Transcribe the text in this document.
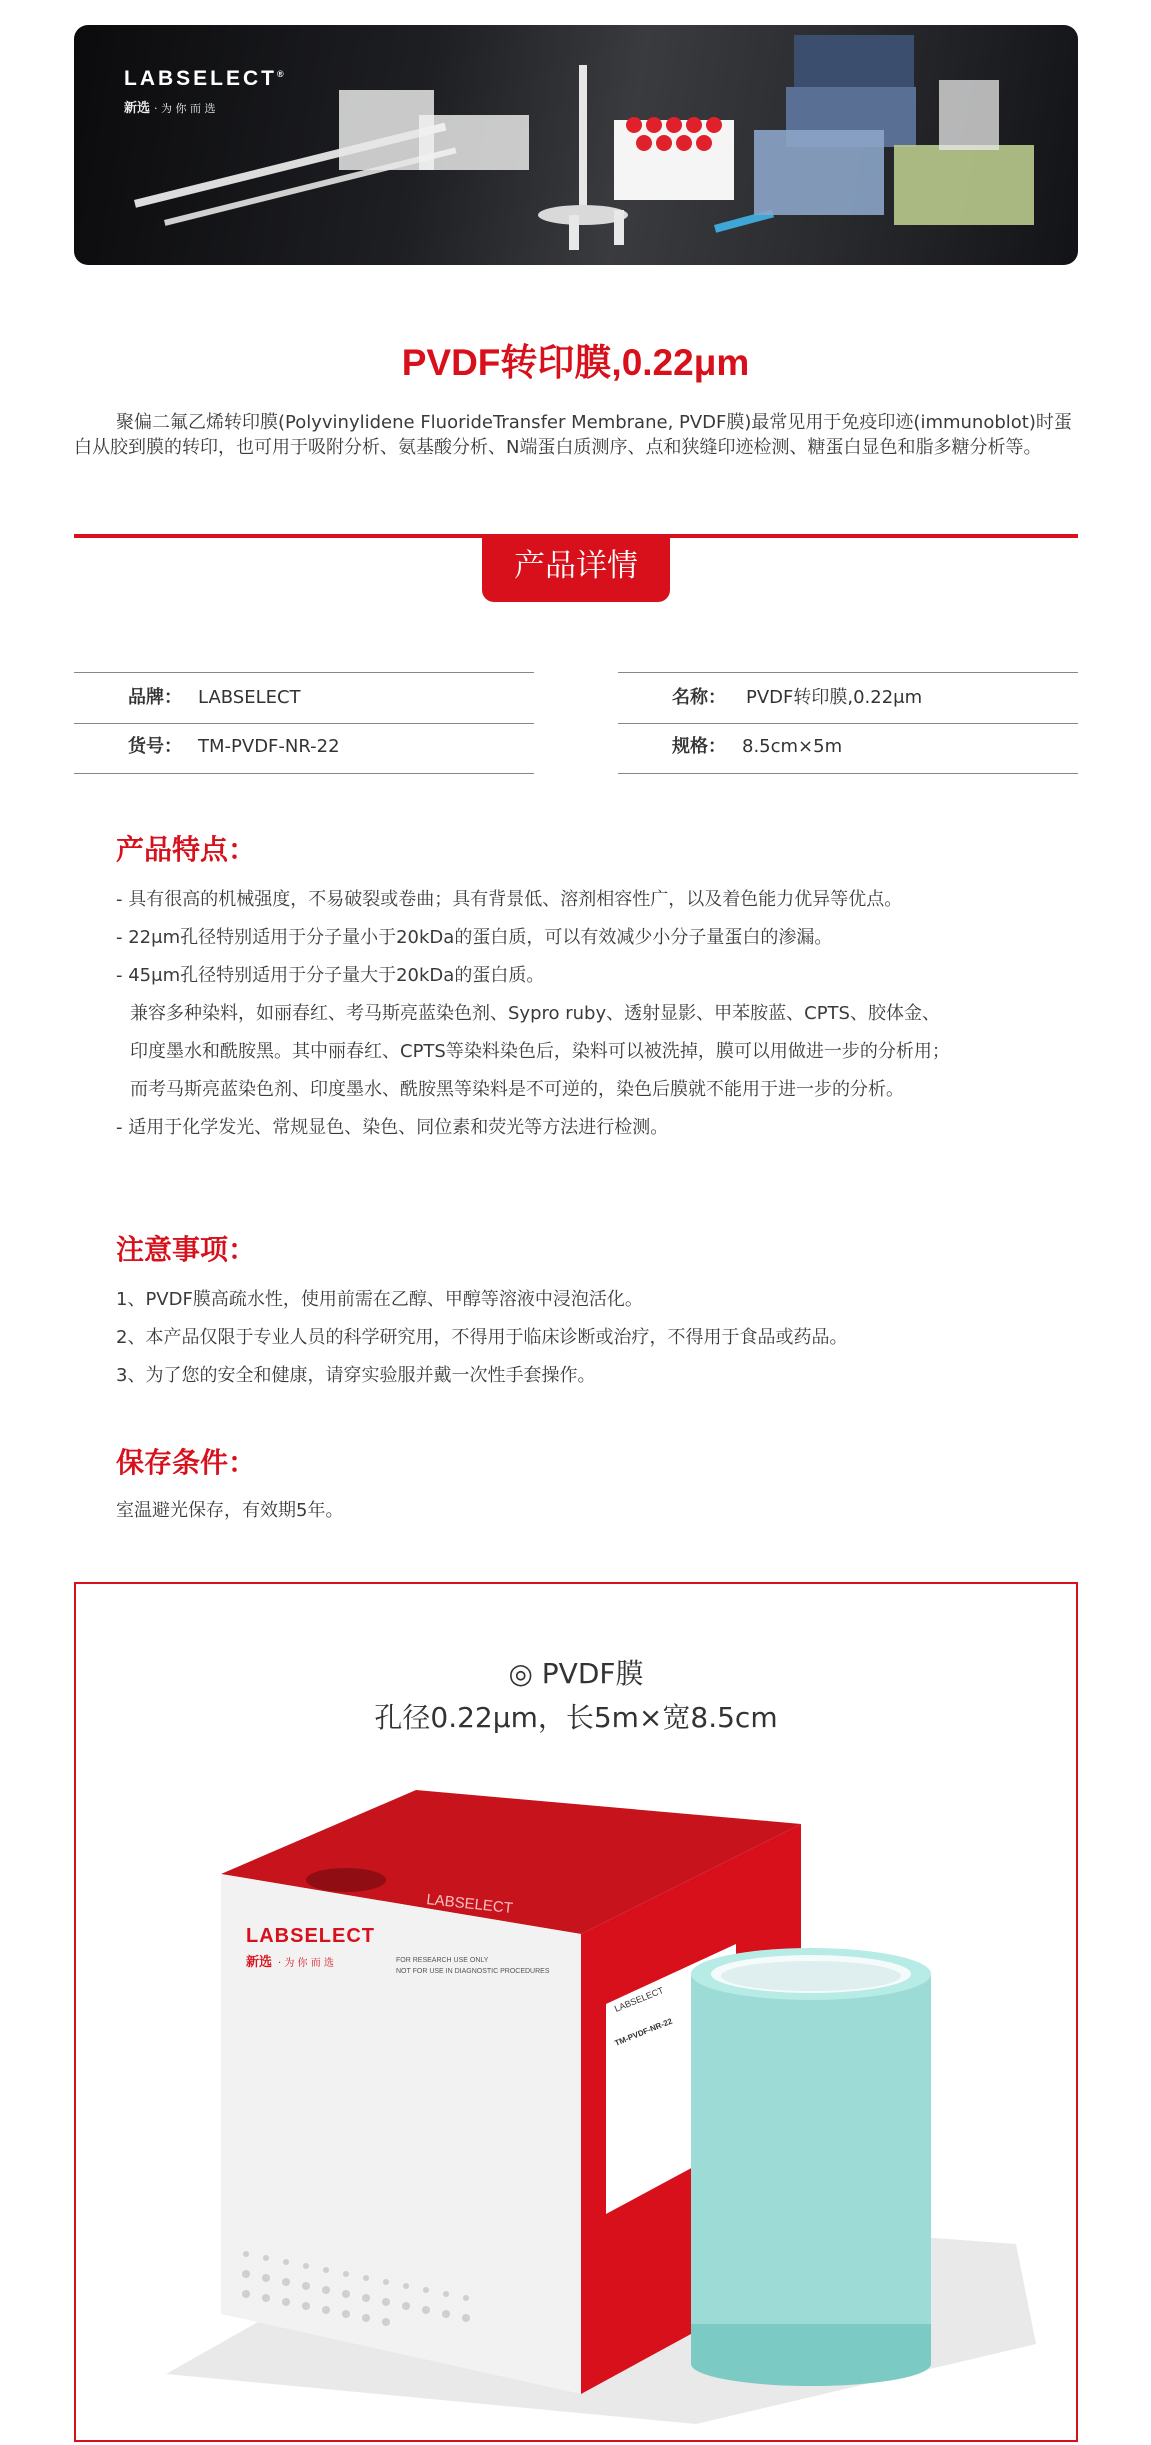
LABSELECT®
新选 · 为 你 而 选
PVDF转印膜,0.22μm
聚偏二氟乙烯转印膜(Polyvinylidene FluorideTransfer Membrane, PVDF膜)最常见用于免疫印迹(immunoblot)时蛋白从胶到膜的转印，也可用于吸附分析、氨基酸分析、N端蛋白质测序、点和狭缝印迹检测、糖蛋白显色和脂多糖分析等。
产品详情
品牌： LABSELECT
货号： TM-PVDF-NR-22
名称： PVDF转印膜,0.22μm
规格： 8.5cm×5m
产品特点：
- 具有很高的机械强度，不易破裂或卷曲；具有背景低、溶剂相容性广，以及着色能力优异等优点。
- 22μm孔径特别适用于分子量小于20kDa的蛋白质，可以有效减少小分子量蛋白的渗漏。
- 45μm孔径特别适用于分子量大于20kDa的蛋白质。
兼容多种染料，如丽春红、考马斯亮蓝染色剂、Sypro ruby、透射显影、甲苯胺蓝、CPTS、胶体金、
印度墨水和酰胺黑。其中丽春红、CPTS等染料染色后，染料可以被洗掉，膜可以用做进一步的分析用；
而考马斯亮蓝染色剂、印度墨水、酰胺黑等染料是不可逆的，染色后膜就不能用于进一步的分析。
- 适用于化学发光、常规显色、染色、同位素和荧光等方法进行检测。
注意事项：
1、PVDF膜高疏水性，使用前需在乙醇、甲醇等溶液中浸泡活化。
2、本产品仅限于专业人员的科学研究用，不得用于临床诊断或治疗，不得用于食品或药品。
3、为了您的安全和健康，请穿实验服并戴一次性手套操作。
保存条件：
室温避光保存，有效期5年。
◎ PVDF膜
孔径0.22μm，长5m×宽8.5cm
LABSELECT
新选 · 为 你 而 选
LABSELECT
FOR RESEARCH USE ONLY
NOT FOR USE IN DIAGNOSTIC PROCEDURES
LABSELECT
TM-PVDF-NR-22
